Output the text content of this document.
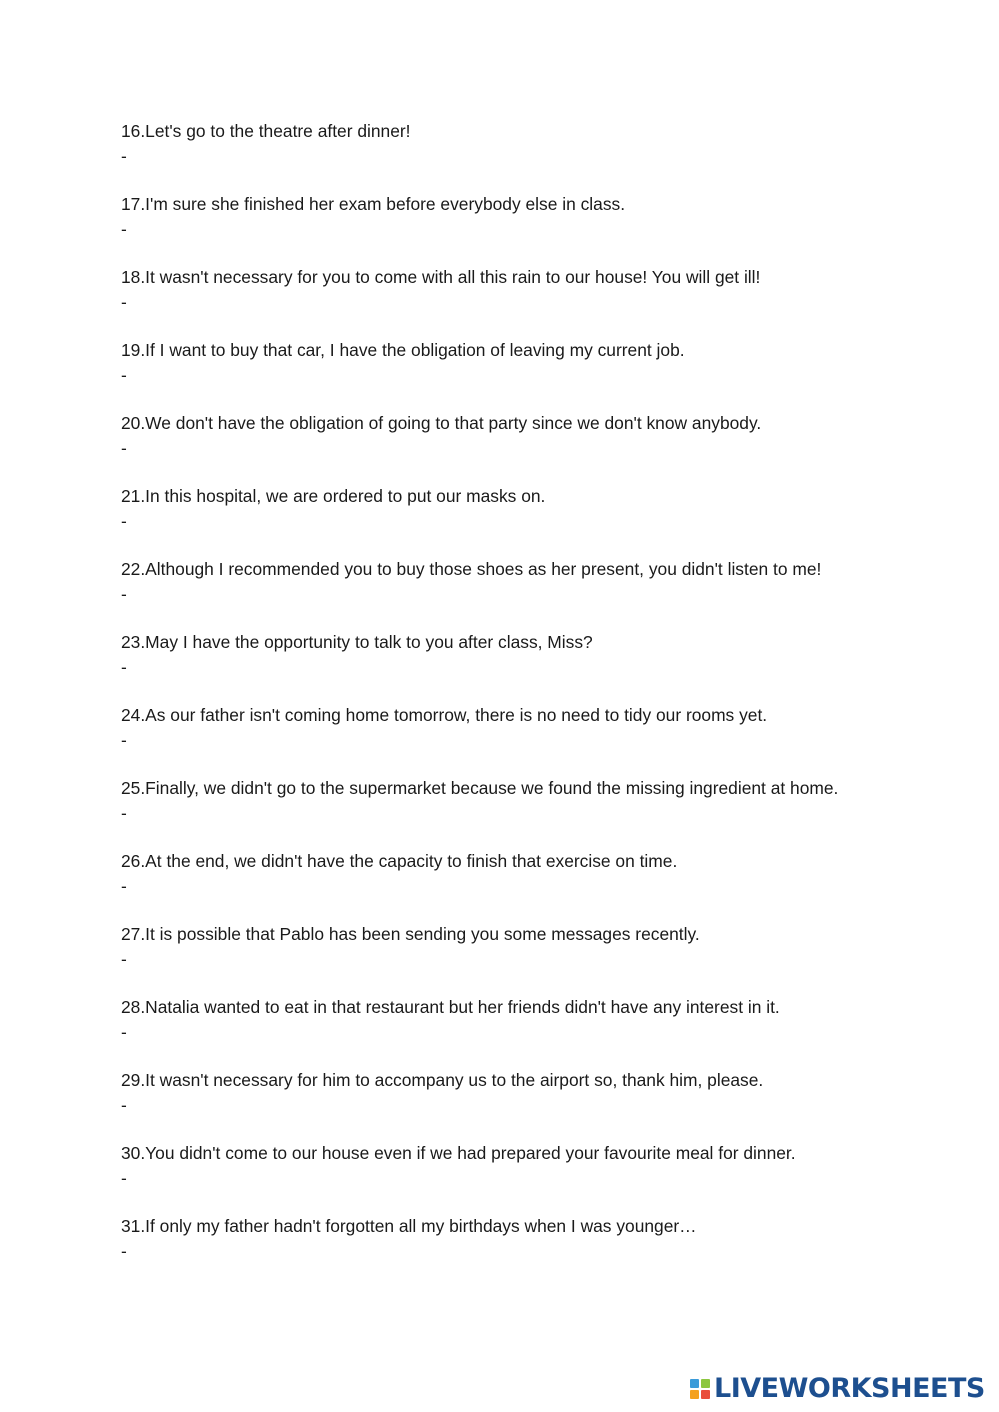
16.Let's go to the theatre after dinner!
-
17.I'm sure she finished her exam before everybody else in class.
-
18.It wasn't necessary for you to come with all this rain to our house! You will get ill!
-
19.If I want to buy that car, I have the obligation of leaving my current job.
-
20.We don't have the obligation of going to that party since we don't know anybody.
-
21.In this hospital, we are ordered to put our masks on.
-
22.Although I recommended you to buy those shoes as her present, you didn't listen to me!
-
23.May I have the opportunity to talk to you after class, Miss?
-
24.As our father isn't coming home tomorrow, there is no need to tidy our rooms yet.
-
25.Finally, we didn't go to the supermarket because we found the missing ingredient at home.
-
26.At the end, we didn't have the capacity to finish that exercise on time.
-
27.It is possible that Pablo has been sending you some messages recently.
-
28.Natalia wanted to eat in that restaurant but her friends didn't have any interest in it.
-
29.It wasn't necessary for him to accompany us to the airport so, thank him, please.
-
30.You didn't come to our house even if we had prepared your favourite meal for dinner.
-
31.If only my father hadn't forgotten all my birthdays when I was younger…
-
LIVEWORKSHEETS
